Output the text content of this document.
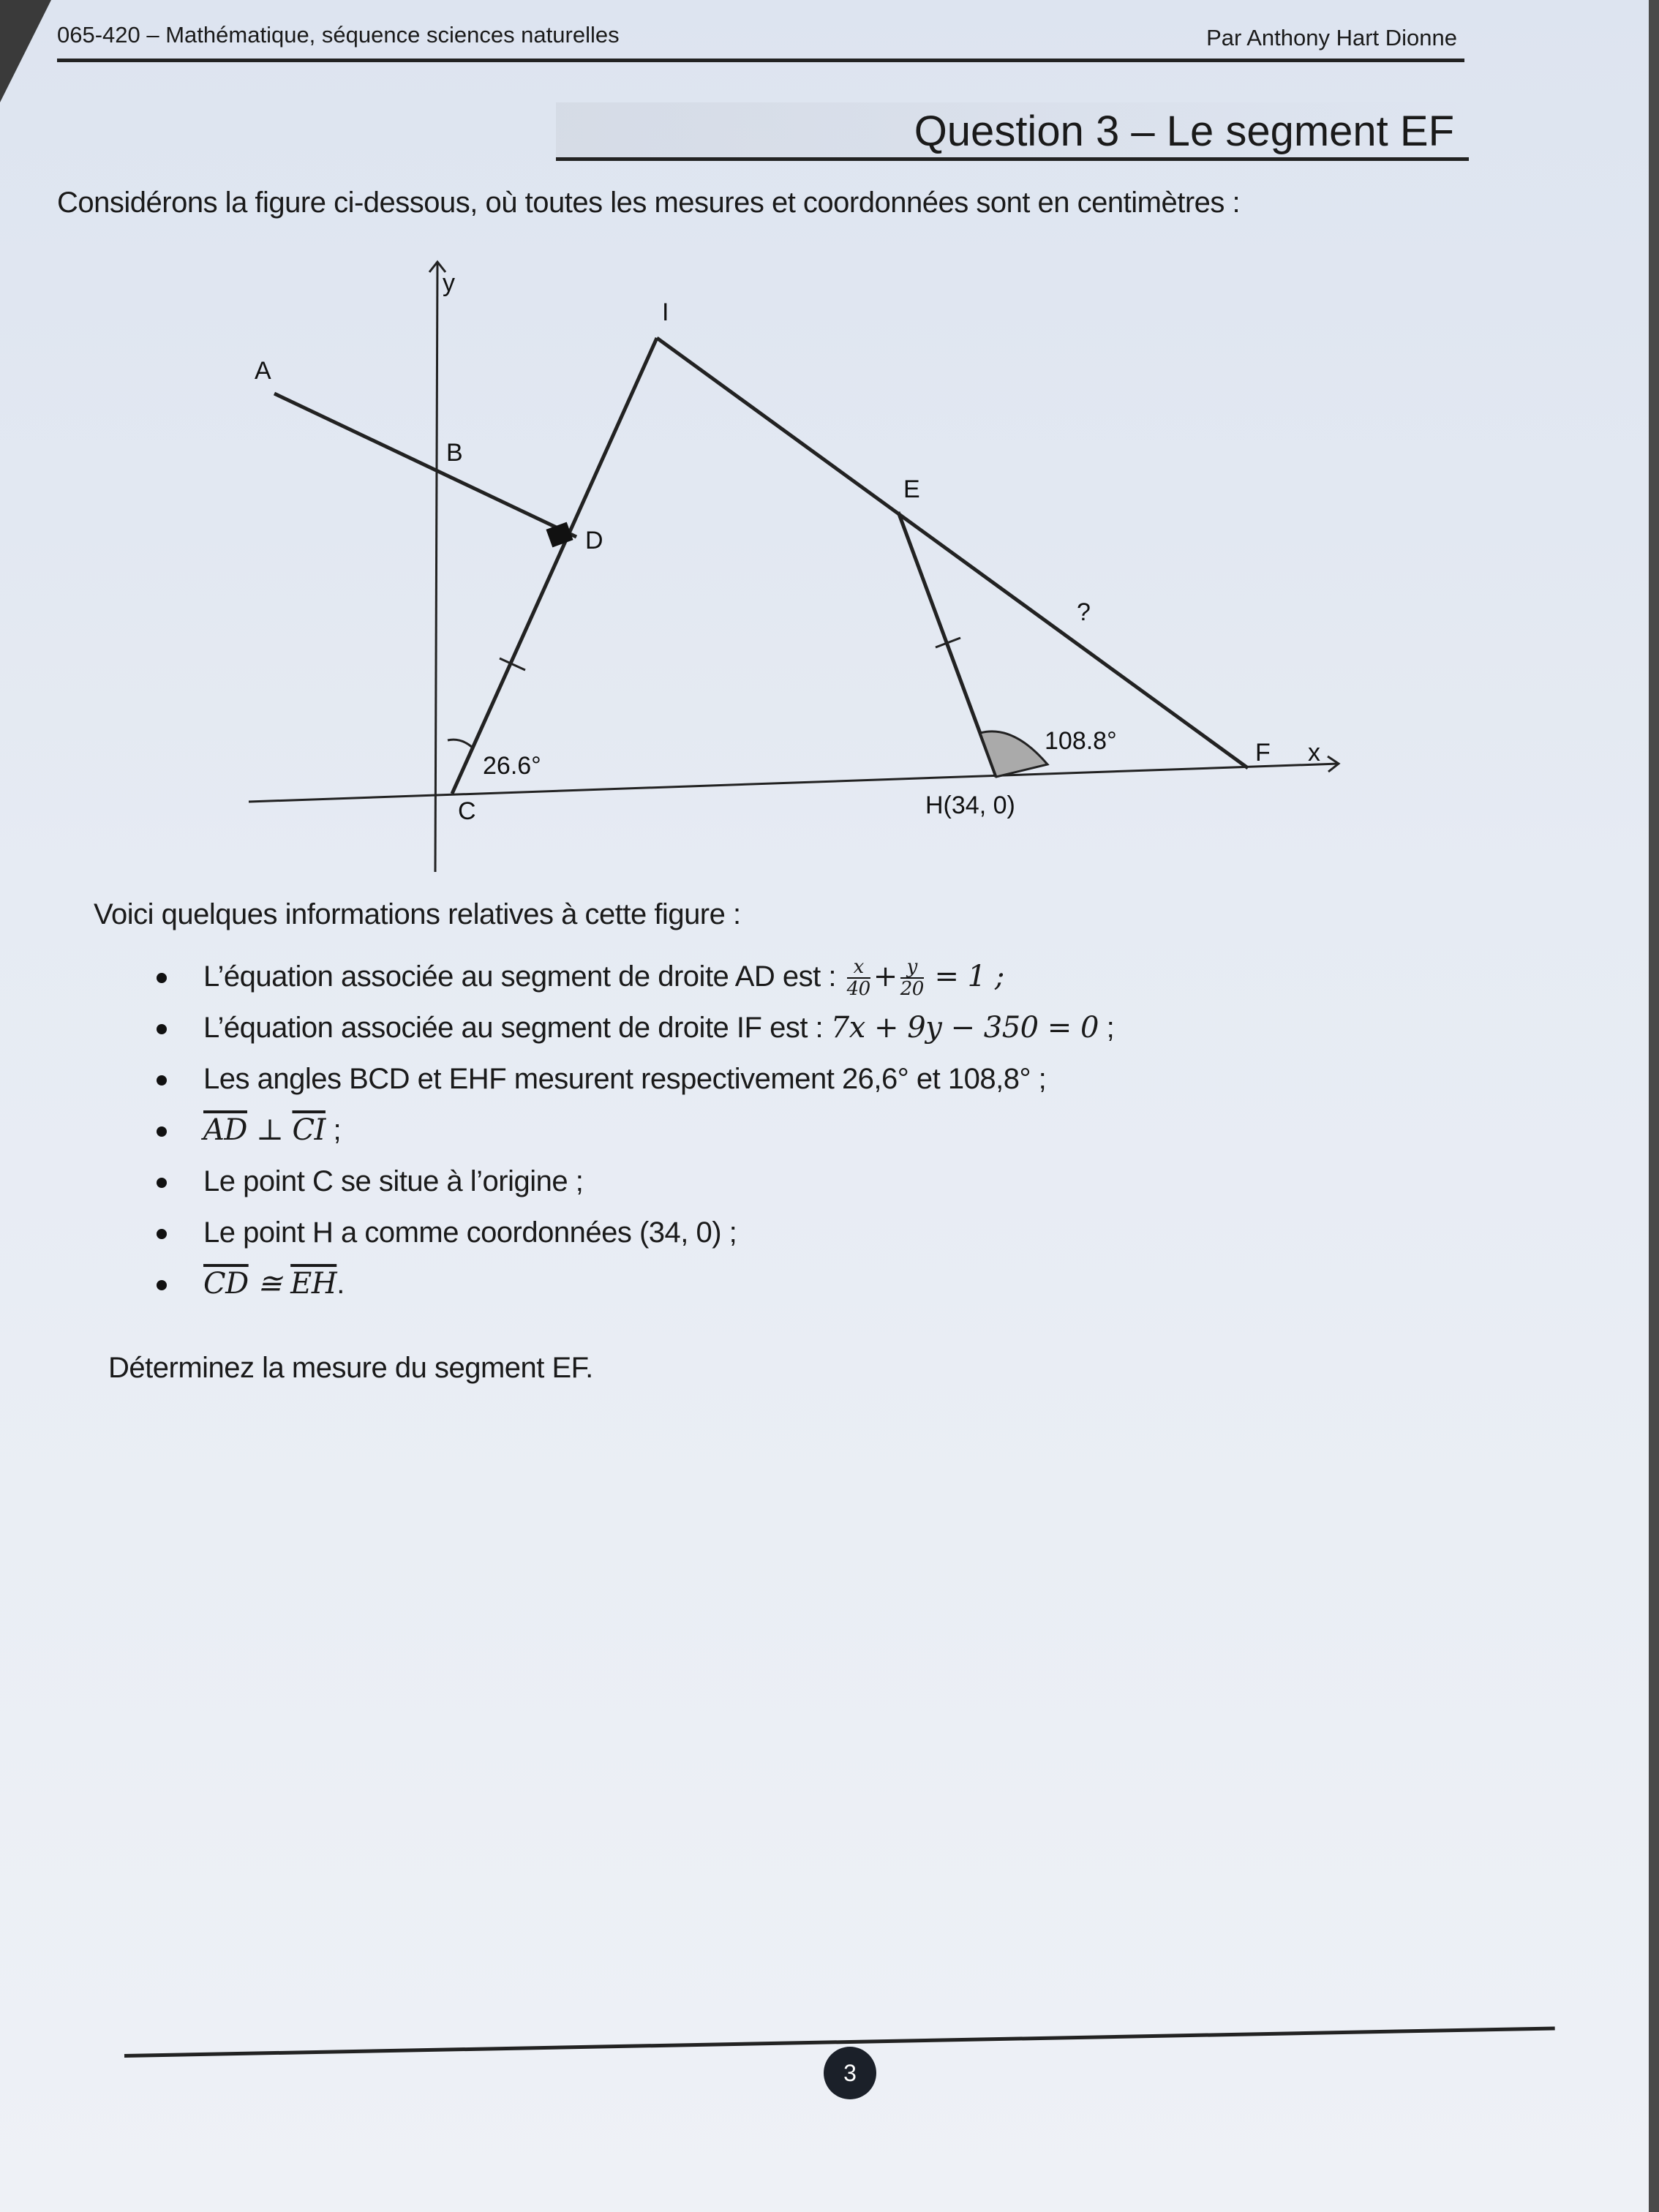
065-420 – Mathématique, séquence sciences naturelles	Par Anthony Hart Dionne
Question 3 – Le segment EF
Considérons la figure ci-dessous, où toutes les mesures et coordonnées sont en centimètres :
y
x
A
B
C
D
I
E
F
H(34, 0)
26.6°
108.8°
?
Voici quelques informations relatives à cette figure :
L’équation associée au segment de droite AD est : $\frac{x}{40} + \frac{y}{20} = 1$ ;
L’équation associée au segment de droite IF est : 7x + 9y − 350 = 0 ;
Les angles BCD et EHF mesurent respectivement 26,6° et 108,8° ;
$\overline{AD}$ ⊥ $\overline{CI}$ ;
Le point C se situe à l’origine ;
Le point H a comme coordonnées (34, 0) ;
$\overline{CD}$ ≅ $\overline{EH}$.
Déterminez la mesure du segment EF.
3
